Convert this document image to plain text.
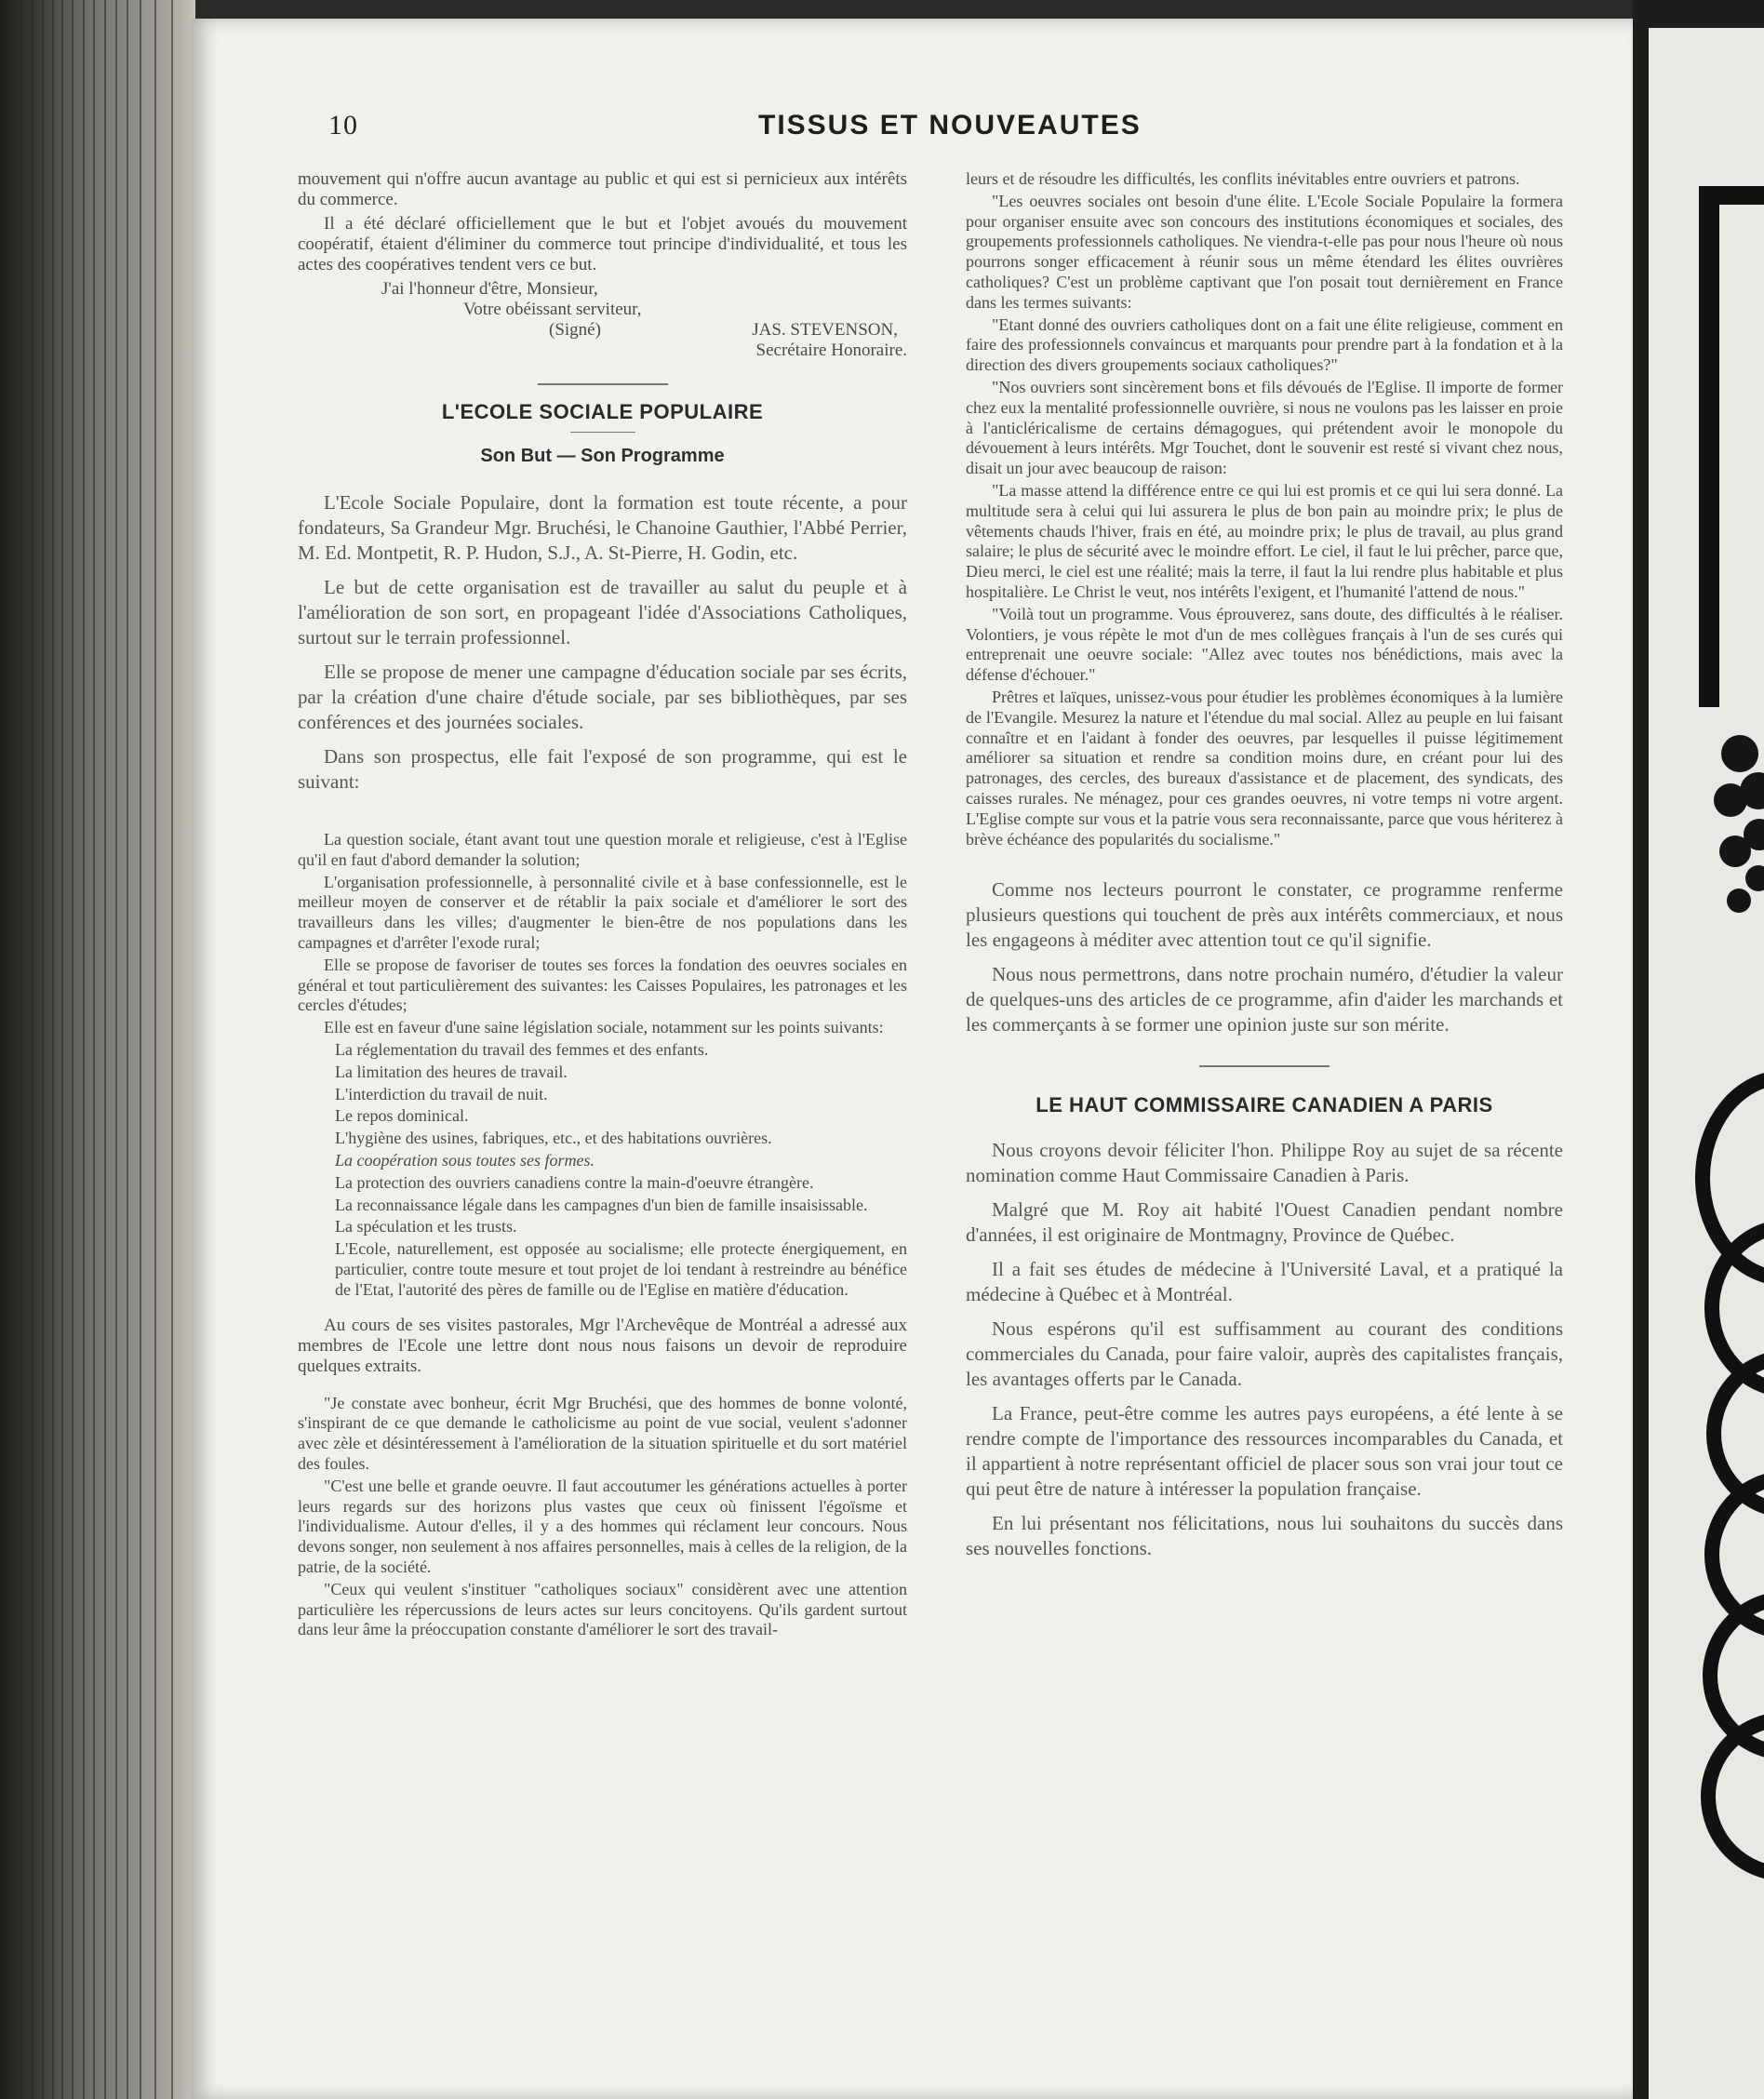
10	TISSUS ET NOUVEAUTES

mouvement qui n'offre aucun avantage au public et qui est si pernicieux aux intérêts du commerce.

Il a été déclaré officiellement que le but et l'objet avoués du mouvement coopératif, étaient d'éliminer du commerce tout principe d'individualité, et tous les actes des coopératives tendent vers ce but.

J'ai l'honneur d'être, Monsieur,
Votre obéissant serviteur,
(Signé)	JAS. STEVENSON,
Secrétaire Honoraire.
L'ECOLE SOCIALE POPULAIRE
Son But — Son Programme

L'Ecole Sociale Populaire, dont la formation est toute récente, a pour fondateurs, Sa Grandeur Mgr. Bruchési, le Chanoine Gauthier, l'Abbé Perrier, M. Ed. Montpetit, R. P. Hudon, S.J., A. St-Pierre, H. Godin, etc.

Le but de cette organisation est de travailler au salut du peuple et à l'amélioration de son sort, en propageant l'idée d'Associations Catholiques, surtout sur le terrain professionnel.

Elle se propose de mener une campagne d'éducation sociale par ses écrits, par la création d'une chaire d'étude sociale, par ses bibliothèques, par ses conférences et des journées sociales.

Dans son prospectus, elle fait l'exposé de son programme, qui est le suivant:

La question sociale, étant avant tout une question morale et religieuse, c'est à l'Eglise qu'il en faut d'abord demander la solution;

L'organisation professionnelle, à personnalité civile et à base confessionnelle, est le meilleur moyen de conserver et de rétablir la paix sociale et d'améliorer le sort des travailleurs dans les villes; d'augmenter le bien-être de nos populations dans les campagnes et d'arrêter l'exode rural;

Elle se propose de favoriser de toutes ses forces la fondation des oeuvres sociales en général et tout particulièrement des suivantes: les Caisses Populaires, les patronages et les cercles d'études;

Elle est en faveur d'une saine législation sociale, notamment sur les points suivants:

La réglementation du travail des femmes et des enfants.

La limitation des heures de travail.

L'interdiction du travail de nuit.

Le repos dominical.

L'hygiène des usines, fabriques, etc., et des habitations ouvrières.

La coopération sous toutes ses formes.

La protection des ouvriers canadiens contre la main-d'oeuvre étrangère.

La reconnaissance légale dans les campagnes d'un bien de famille insaisissable.

La spéculation et les trusts.

L'Ecole, naturellement, est opposée au socialisme; elle protecte énergiquement, en particulier, contre toute mesure et tout projet de loi tendant à restreindre au bénéfice de l'Etat, l'autorité des pères de famille ou de l'Eglise en matière d'éducation.

Au cours de ses visites pastorales, Mgr l'Archevêque de Montréal a adressé aux membres de l'Ecole une lettre dont nous nous faisons un devoir de reproduire quelques extraits.

"Je constate avec bonheur, écrit Mgr Bruchési, que des hommes de bonne volonté, s'inspirant de ce que demande le catholicisme au point de vue social, veulent s'adonner avec zèle et désintéressement à l'amélioration de la situation spirituelle et du sort matériel des foules.

"C'est une belle et grande oeuvre. Il faut accoutumer les générations actuelles à porter leurs regards sur des horizons plus vastes que ceux où finissent l'égoïsme et l'individualisme. Autour d'elles, il y a des hommes qui réclament leur concours. Nous devons songer, non seulement à nos affaires personnelles, mais à celles de la religion, de la patrie, de la société.

"Ceux qui veulent s'instituer "catholiques sociaux" considèrent avec une attention particulière les répercussions de leurs actes sur leurs concitoyens. Qu'ils gardent surtout dans leur âme la préoccupation constante d'améliorer le sort des travail-

leurs et de résoudre les difficultés, les conflits inévitables entre ouvriers et patrons.

"Les oeuvres sociales ont besoin d'une élite. L'Ecole Sociale Populaire la formera pour organiser ensuite avec son concours des institutions économiques et sociales, des groupements professionnels catholiques. Ne viendra-t-elle pas pour nous l'heure où nous pourrons songer efficacement à réunir sous un même étendard les élites ouvrières catholiques? C'est un problème captivant que l'on posait tout dernièrement en France dans les termes suivants:

"Etant donné des ouvriers catholiques dont on a fait une élite religieuse, comment en faire des professionnels convaincus et marquants pour prendre part à la fondation et à la direction des divers groupements sociaux catholiques?"

"Nos ouvriers sont sincèrement bons et fils dévoués de l'Eglise. Il importe de former chez eux la mentalité professionnelle ouvrière, si nous ne voulons pas les laisser en proie à l'anticléricalisme de certains démagogues, qui prétendent avoir le monopole du dévouement à leurs intérêts. Mgr Touchet, dont le souvenir est resté si vivant chez nous, disait un jour avec beaucoup de raison:

"La masse attend la différence entre ce qui lui est promis et ce qui lui sera donné. La multitude sera à celui qui lui assurera le plus de bon pain au moindre prix; le plus de vêtements chauds l'hiver, frais en été, au moindre prix; le plus de travail, au plus grand salaire; le plus de sécurité avec le moindre effort. Le ciel, il faut le lui prêcher, parce que, Dieu merci, le ciel est une réalité; mais la terre, il faut la lui rendre plus habitable et plus hospitalière. Le Christ le veut, nos intérêts l'exigent, et l'humanité l'attend de nous."

"Voilà tout un programme. Vous éprouverez, sans doute, des difficultés à le réaliser. Volontiers, je vous répète le mot d'un de mes collègues français à l'un de ses curés qui entreprenait une oeuvre sociale: "Allez avec toutes nos bénédictions, mais avec la défense d'échouer."

Prêtres et laïques, unissez-vous pour étudier les problèmes économiques à la lumière de l'Evangile. Mesurez la nature et l'étendue du mal social. Allez au peuple en lui faisant connaître et en l'aidant à fonder des oeuvres, par lesquelles il puisse légitimement améliorer sa situation et rendre sa condition moins dure, en créant pour lui des patronages, des cercles, des bureaux d'assistance et de placement, des syndicats, des caisses rurales. Ne ménagez, pour ces grandes oeuvres, ni votre temps ni votre argent. L'Eglise compte sur vous et la patrie vous sera reconnaissante, parce que vous hériterez à brève échéance des popularités du socialisme."

Comme nos lecteurs pourront le constater, ce programme renferme plusieurs questions qui touchent de près aux intérêts commerciaux, et nous les engageons à méditer avec attention tout ce qu'il signifie.

Nous nous permettrons, dans notre prochain numéro, d'étudier la valeur de quelques-uns des articles de ce programme, afin d'aider les marchands et les commerçants à se former une opinion juste sur son mérite.

LE HAUT COMMISSAIRE CANADIEN A PARIS

Nous croyons devoir féliciter l'hon. Philippe Roy au sujet de sa récente nomination comme Haut Commissaire Canadien à Paris.

Malgré que M. Roy ait habité l'Ouest Canadien pendant nombre d'années, il est originaire de Montmagny, Province de Québec.

Il a fait ses études de médecine à l'Université Laval, et a pratiqué la médecine à Québec et à Montréal.

Nous espérons qu'il est suffisamment au courant des conditions commerciales du Canada, pour faire valoir, auprès des capitalistes français, les avantages offerts par le Canada.

La France, peut-être comme les autres pays européens, a été lente à se rendre compte de l'importance des ressources incomparables du Canada, et il appartient à notre représentant officiel de placer sous son vrai jour tout ce qui peut être de nature à intéresser la population française.

En lui présentant nos félicitations, nous lui souhaitons du succès dans ses nouvelles fonctions.
